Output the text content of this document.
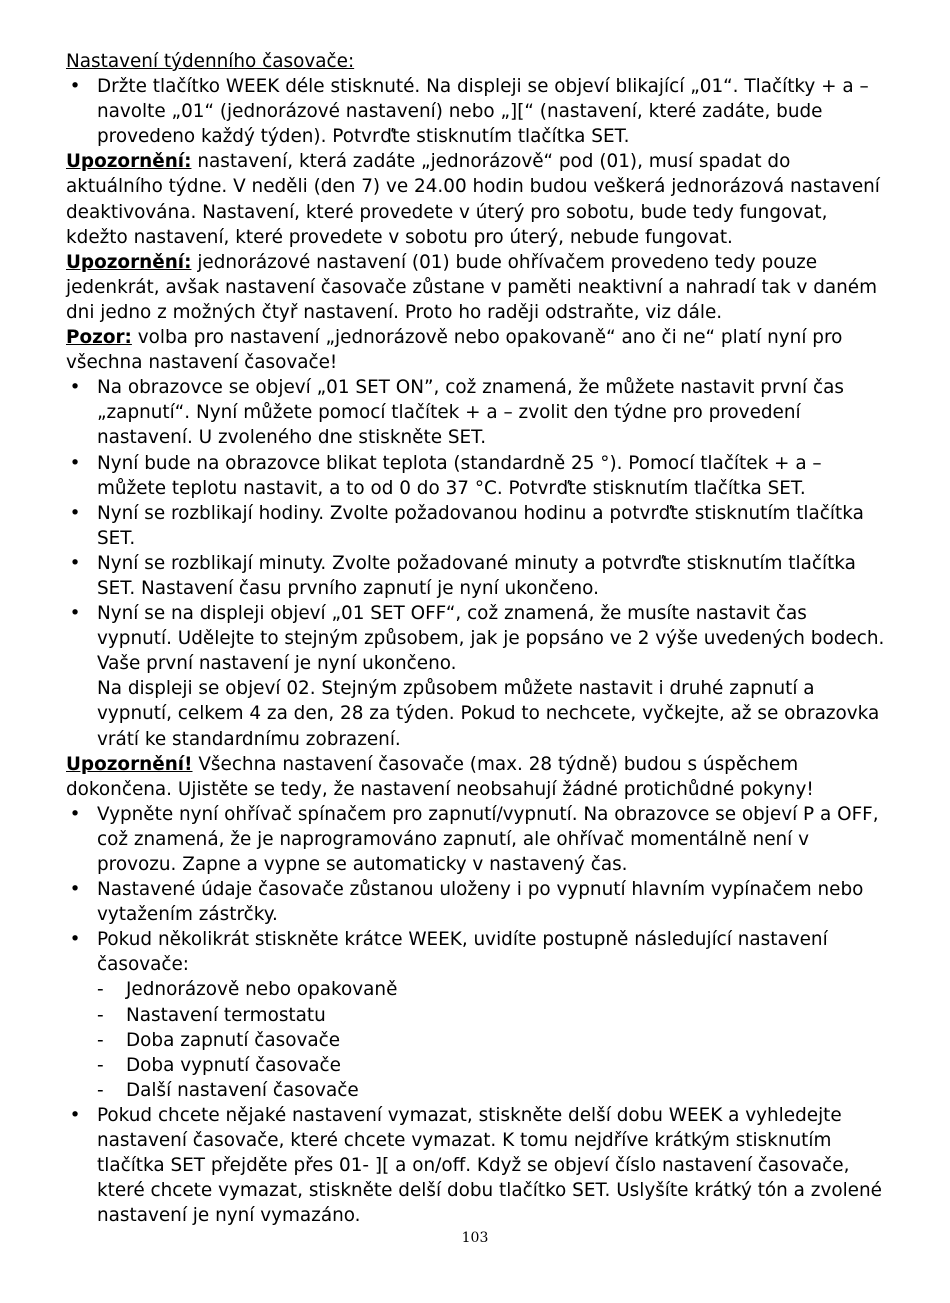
Nastavení týdenního časovače:
• Držte tlačítko WEEK déle stisknuté. Na displeji se objeví blikající „01“. Tlačítky + a – navolte „01“ (jednorázové nastavení) nebo „][“ (nastavení, které zadáte, bude provedeno každý týden). Potvrďte stisknutím tlačítka SET.

Upozornění: nastavení, která zadáte „jednorázově“ pod (01), musí spadat do aktuálního týdne. V neděli (den 7) ve 24.00 hodin budou veškerá jednorázová nastavení deaktivována. Nastavení, které provedete v úterý pro sobotu, bude tedy fungovat, kdežto nastavení, které provedete v sobotu pro úterý, nebude fungovat.

Upozornění: jednorázové nastavení (01) bude ohřívačem provedeno tedy pouze jedenkrát, avšak nastavení časovače zůstane v paměti neaktivní a nahradí tak v daném dni jedno z možných čtyř nastavení. Proto ho raději odstraňte, viz dále.

Pozor: volba pro nastavení „jednorázově nebo opakovaně“ ano či ne“ platí nyní pro všechna nastavení časovače!

• Na obrazovce se objeví „01 SET ON”, což znamená, že můžete nastavit první čas „zapnutí“. Nyní můžete pomocí tlačítek + a – zvolit den týdne pro provedení nastavení. U zvoleného dne stiskněte SET.
• Nyní bude na obrazovce blikat teplota (standardně 25 °). Pomocí tlačítek + a – můžete teplotu nastavit, a to od 0 do 37 °C. Potvrďte stisknutím tlačítka SET.
• Nyní se rozblikají hodiny. Zvolte požadovanou hodinu a potvrďte stisknutím tlačítka SET.
• Nyní se rozblikají minuty. Zvolte požadované minuty a potvrďte stisknutím tlačítka SET. Nastavení času prvního zapnutí je nyní ukončeno.
• Nyní se na displeji objeví „01 SET OFF“, což znamená, že musíte nastavit čas vypnutí. Udělejte to stejným způsobem, jak je popsáno ve 2 výše uvedených bodech. Vaše první nastavení je nyní ukončeno.
Na displeji se objeví 02. Stejným způsobem můžete nastavit i druhé zapnutí a vypnutí, celkem 4 za den, 28 za týden. Pokud to nechcete, vyčkejte, až se obrazovka vrátí ke standardnímu zobrazení.

Upozornění! Všechna nastavení časovače (max. 28 týdně) budou s úspěchem dokončena. Ujistěte se tedy, že nastavení neobsahují žádné protichůdné pokyny!

• Vypněte nyní ohřívač spínačem pro zapnutí/vypnutí. Na obrazovce se objeví P a OFF, což znamená, že je naprogramováno zapnutí, ale ohřívač momentálně není v provozu. Zapne a vypne se automaticky v nastavený čas.
• Nastavené údaje časovače zůstanou uloženy i po vypnutí hlavním vypínačem nebo vytažením zástrčky.
• Pokud několikrát stiskněte krátce WEEK, uvidíte postupně následující nastavení časovače:
- Jednorázově nebo opakovaně
- Nastavení termostatu
- Doba zapnutí časovače
- Doba vypnutí časovače
- Další nastavení časovače
• Pokud chcete nějaké nastavení vymazat, stiskněte delší dobu WEEK a vyhledejte nastavení časovače, které chcete vymazat. K tomu nejdříve krátkým stisknutím tlačítka SET přejděte přes 01- ][ a on/off. Když se objeví číslo nastavení časovače, které chcete vymazat, stiskněte delší dobu tlačítko SET. Uslyšíte krátký tón a zvolené nastavení je nyní vymazáno.
103
